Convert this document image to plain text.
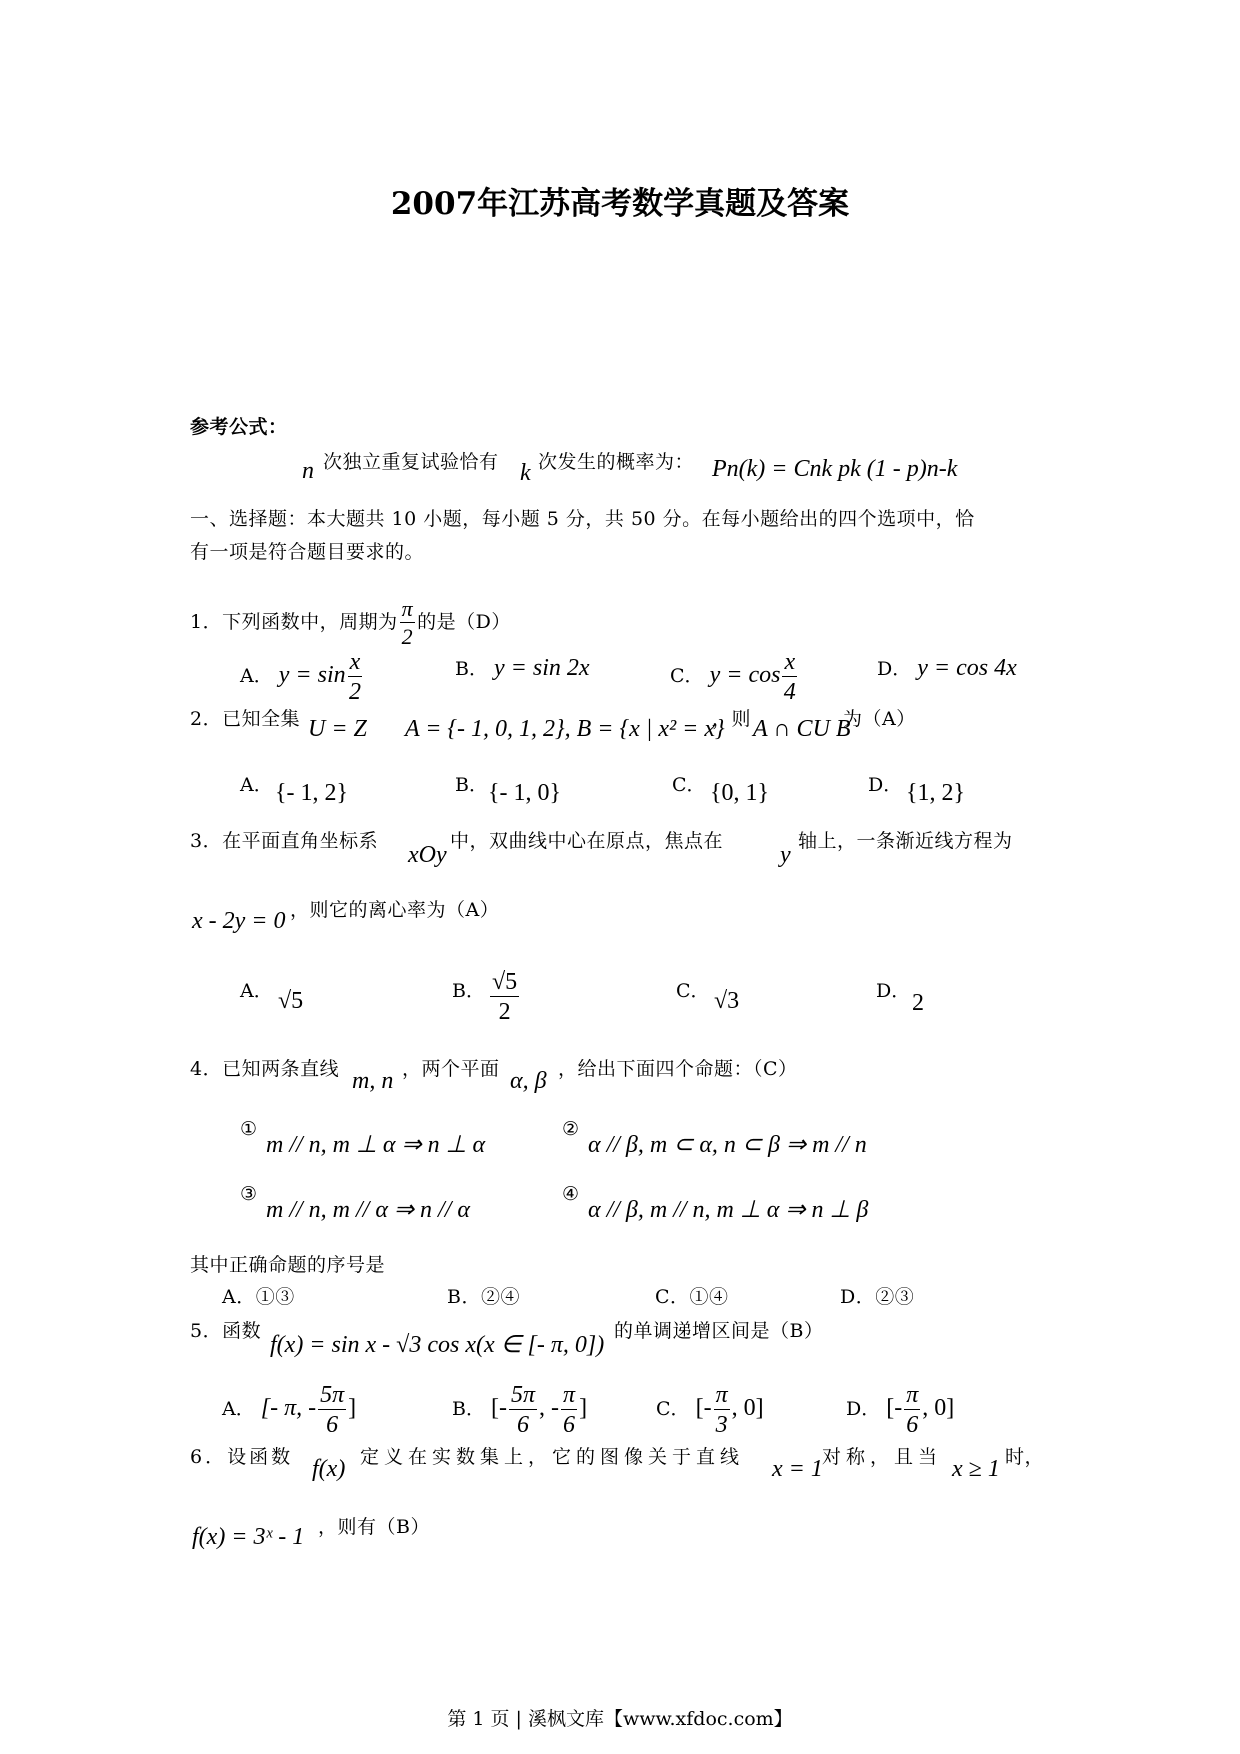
2007年江苏高考数学真题及答案
参考公式：
n 次独立重复试验恰有 k 次发生的概率为： Pn(k) = Cnk pk (1 - p)n-k
一、选择题：本大题共 10 小题，每小题 5 分，共 50 分。在每小题给出的四个选项中，恰
有一项是符合题目要求的。
1．下列函数中，周期为 $\frac{\pi}{2}$ 的是（D）
A． $y = \sin \frac{x}{2}$	B． y = sin 2x	C． $y = \cos \frac{x}{4}$	D． y = cos 4x
2．已知全集 U = Z A = {- 1, 0, 1, 2}, B = {x | x² = x}
，则 A ∩ CU B
为（A）
A． {- 1, 2}	B． {- 1, 0}	C． {0, 1}	D． {1, 2}
3．在平面直角坐标系
xOy
中，双曲线中心在原点，焦点在
y
轴上，一条渐近线方程为
x - 2y = 0 ，则它的离心率为（A）
A． √5	B． $\frac{√5}{2}$	C． √3	D． 2
4．已知两条直线 m, n ，两个平面 α, β ，给出下面四个命题：（C）
①
m // n, m ⊥ α ⇒ n ⊥ α
②
α // β, m ⊂ α, n ⊂ β ⇒ m // n
③
m // n, m // α ⇒ n // α
④
α // β, m // n, m ⊥ α ⇒ n ⊥ β
其中正确命题的序号是
A．①③	B．②④	C．①④	D．②③
5．函数
f(x) = sin x - √3 cos x(x ∈ [- π, 0])
的单调递增区间是（B）
A． [- π, - $\frac{5\pi}{6}$ ]	B． [- $\frac{5\pi}{6}$ , - $\frac{\pi}{6}$ ]	C． [- $\frac{\pi}{3}$ , 0]	D． [- $\frac{\pi}{6}$ , 0]
6．设函数 f(x) 定义在实数集上，它的图像关于直线 x = 1 对称，且当 x ≥ 1 时，
f(x) = 3ˣ - 1 ，则有（B）
第 1 页 | 溪枫文库【www.xfdoc.com】
